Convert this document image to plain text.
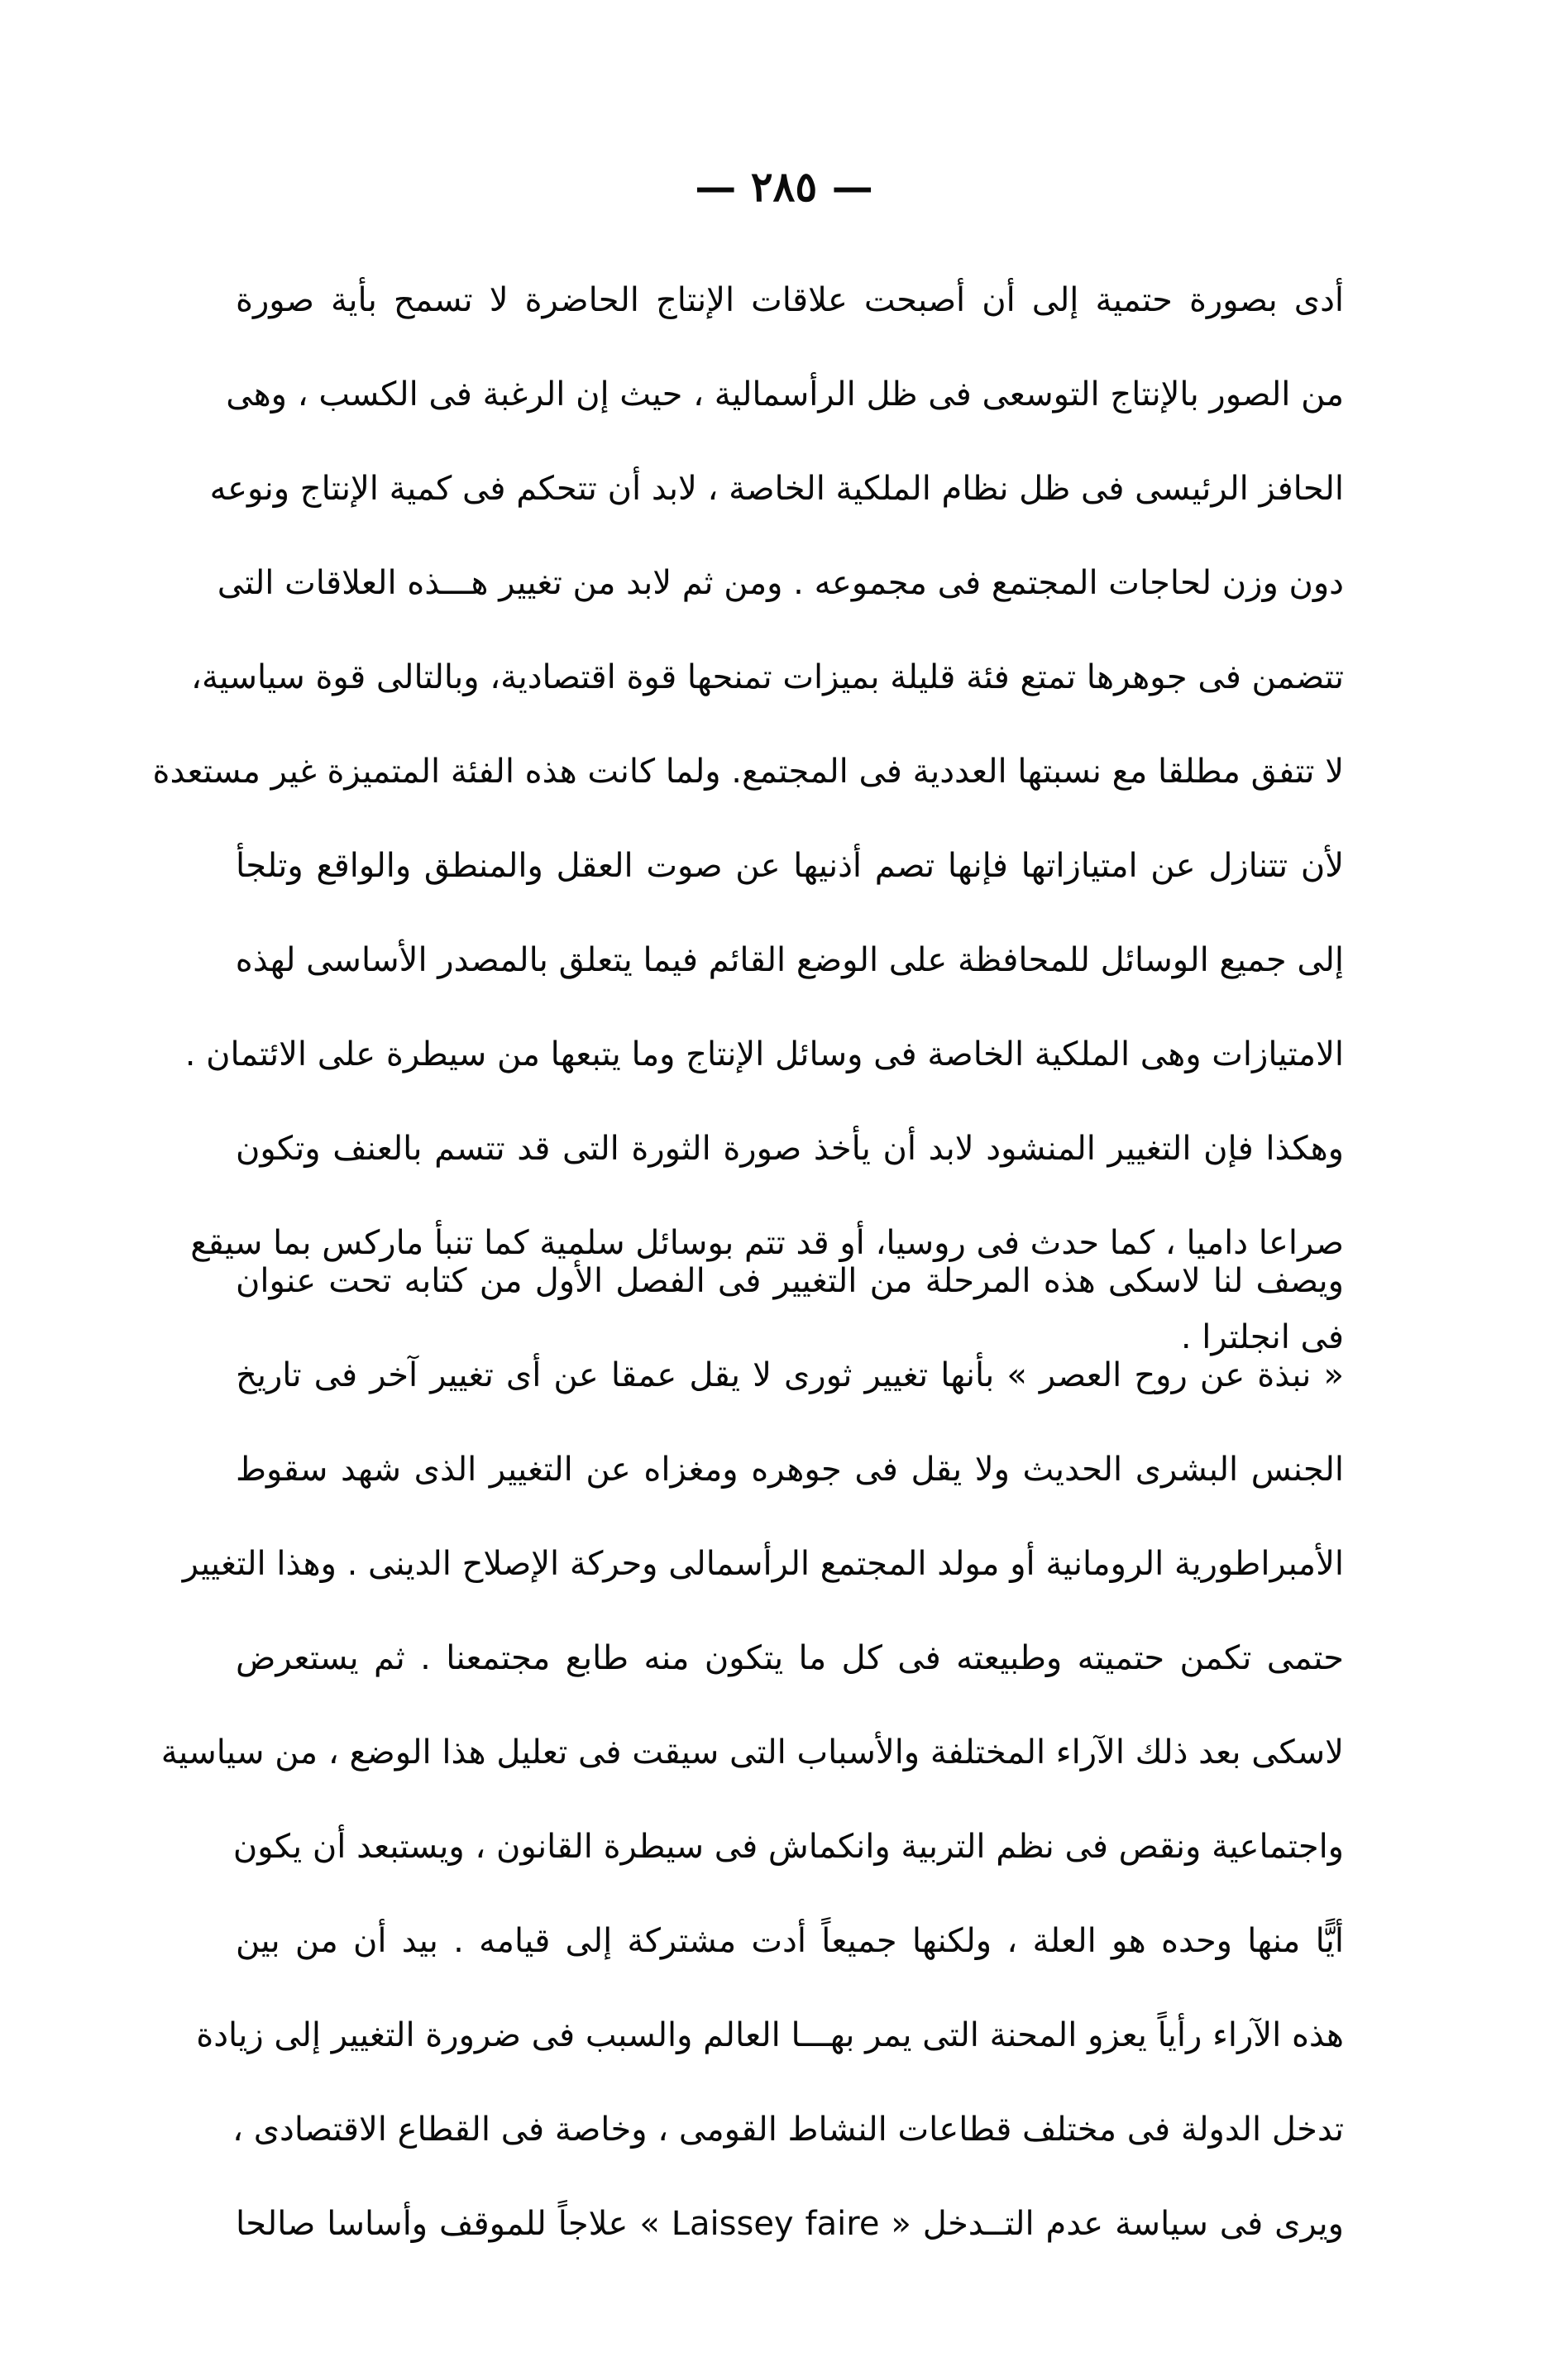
— ٢٨٥ —
أدى بصورة حتمية إلى أن أصبحت علاقات الإنتاج الحاضرة لا تسمح بأية صورة
من الصور بالإنتاج التوسعى فى ظل الرأسمالية ، حيث إن الرغبة فى الكسب ، وهى
الحافز الرئيسى فى ظل نظام الملكية الخاصة ، لابد أن تتحكم فى كمية الإنتاج ونوعه
دون وزن لحاجات المجتمع فى مجموعه . ومن ثم لابد من تغيير هـــذه العلاقات التى
تتضمن فى جوهرها تمتع فئة قليلة بميزات تمنحها قوة اقتصادية، وبالتالى قوة سياسية،
لا تتفق مطلقا مع نسبتها العددية فى المجتمع. ولما كانت هذه الفئة المتميزة غير مستعدة
لأن تتنازل عن امتيازاتها فإنها تصم أذنيها عن صوت العقل والمنطق والواقع وتلجأ
إلى جميع الوسائل للمحافظة على الوضع القائم فيما يتعلق بالمصدر الأساسى لهذه
الامتيازات وهى الملكية الخاصة فى وسائل الإنتاج وما يتبعها من سيطرة على الائتمان .
وهكذا فإن التغيير المنشود لابد أن يأخذ صورة الثورة التى قد تتسم بالعنف وتكون
صراعا داميا ، كما حدث فى روسيا، أو قد تتم بوسائل سلمية كما تنبأ ماركس بما سيقع
فى انجلترا .
ويصف لنا لاسكى هذه المرحلة من التغيير فى الفصل الأول من كتابه تحت عنوان
« نبذة عن روح العصر » بأنها تغيير ثورى لا يقل عمقا عن أى تغيير آخر فى تاريخ
الجنس البشرى الحديث ولا يقل فى جوهره ومغزاه عن التغيير الذى شهد سقوط
الأمبراطورية الرومانية أو مولد المجتمع الرأسمالى وحركة الإصلاح الدينى . وهذا التغيير
حتمى تكمن حتميته وطبيعته فى كل ما يتكون منه طابع مجتمعنا . ثم يستعرض
لاسكى بعد ذلك الآراء المختلفة والأسباب التى سيقت فى تعليل هذا الوضع ، من سياسية
واجتماعية ونقص فى نظم التربية وانكماش فى سيطرة القانون ، ويستبعد أن يكون
أيًّا منها وحده هو العلة ، ولكنها جميعاً أدت مشتركة إلى قيامه . بيد أن من بين
هذه الآراء رأياً يعزو المحنة التى يمر بهـــا العالم والسبب فى ضرورة التغيير إلى زيادة
تدخل الدولة فى مختلف قطاعات النشاط القومى ، وخاصة فى القطاع الاقتصادى ،
ويرى فى سياسة عدم التــدخل « Laissey faire » علاجاً للموقف وأساسا صالحا
